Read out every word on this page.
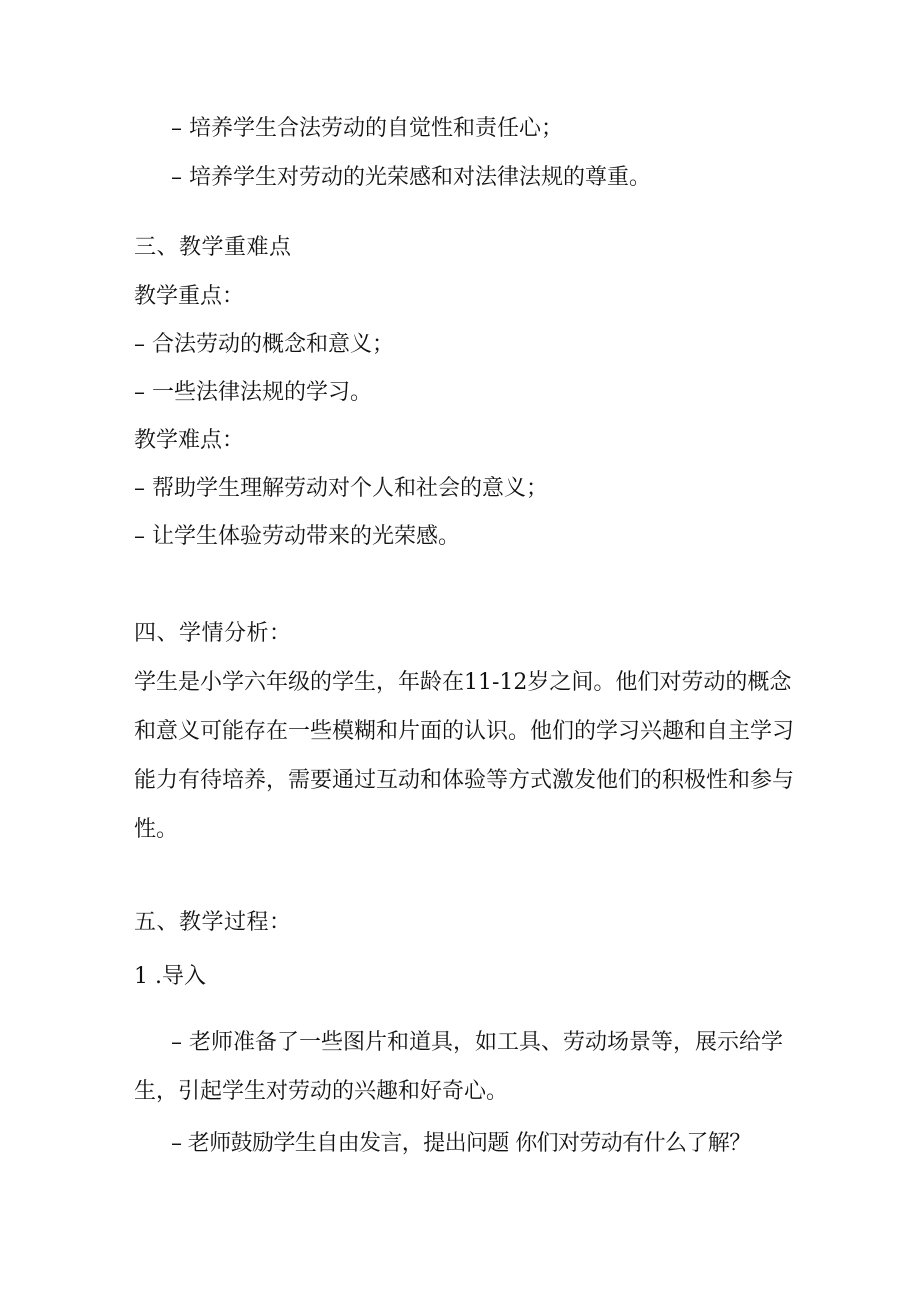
– 培养学生合法劳动的自觉性和责任心；
– 培养学生对劳动的光荣感和对法律法规的尊重。
三、教学重难点
教学重点：
– 合法劳动的概念和意义；
– 一些法律法规的学习。
教学难点：
– 帮助学生理解劳动对个人和社会的意义；
– 让学生体验劳动带来的光荣感。
四、学情分析：
学生是小学六年级的学生，年龄在11-12岁之间。他们对劳动的概念和意义可能存在一些模糊和片面的认识。他们的学习兴趣和自主学习能力有待培养，需要通过互动和体验等方式激发他们的积极性和参与性。
五、教学过程：
1 .导入
– 老师准备了一些图片和道具，如工具、劳动场景等，展示给学生，引起学生对劳动的兴趣和好奇心。
– 老师鼓励学生自由发言，提出问题 你们对劳动有什么了解？
